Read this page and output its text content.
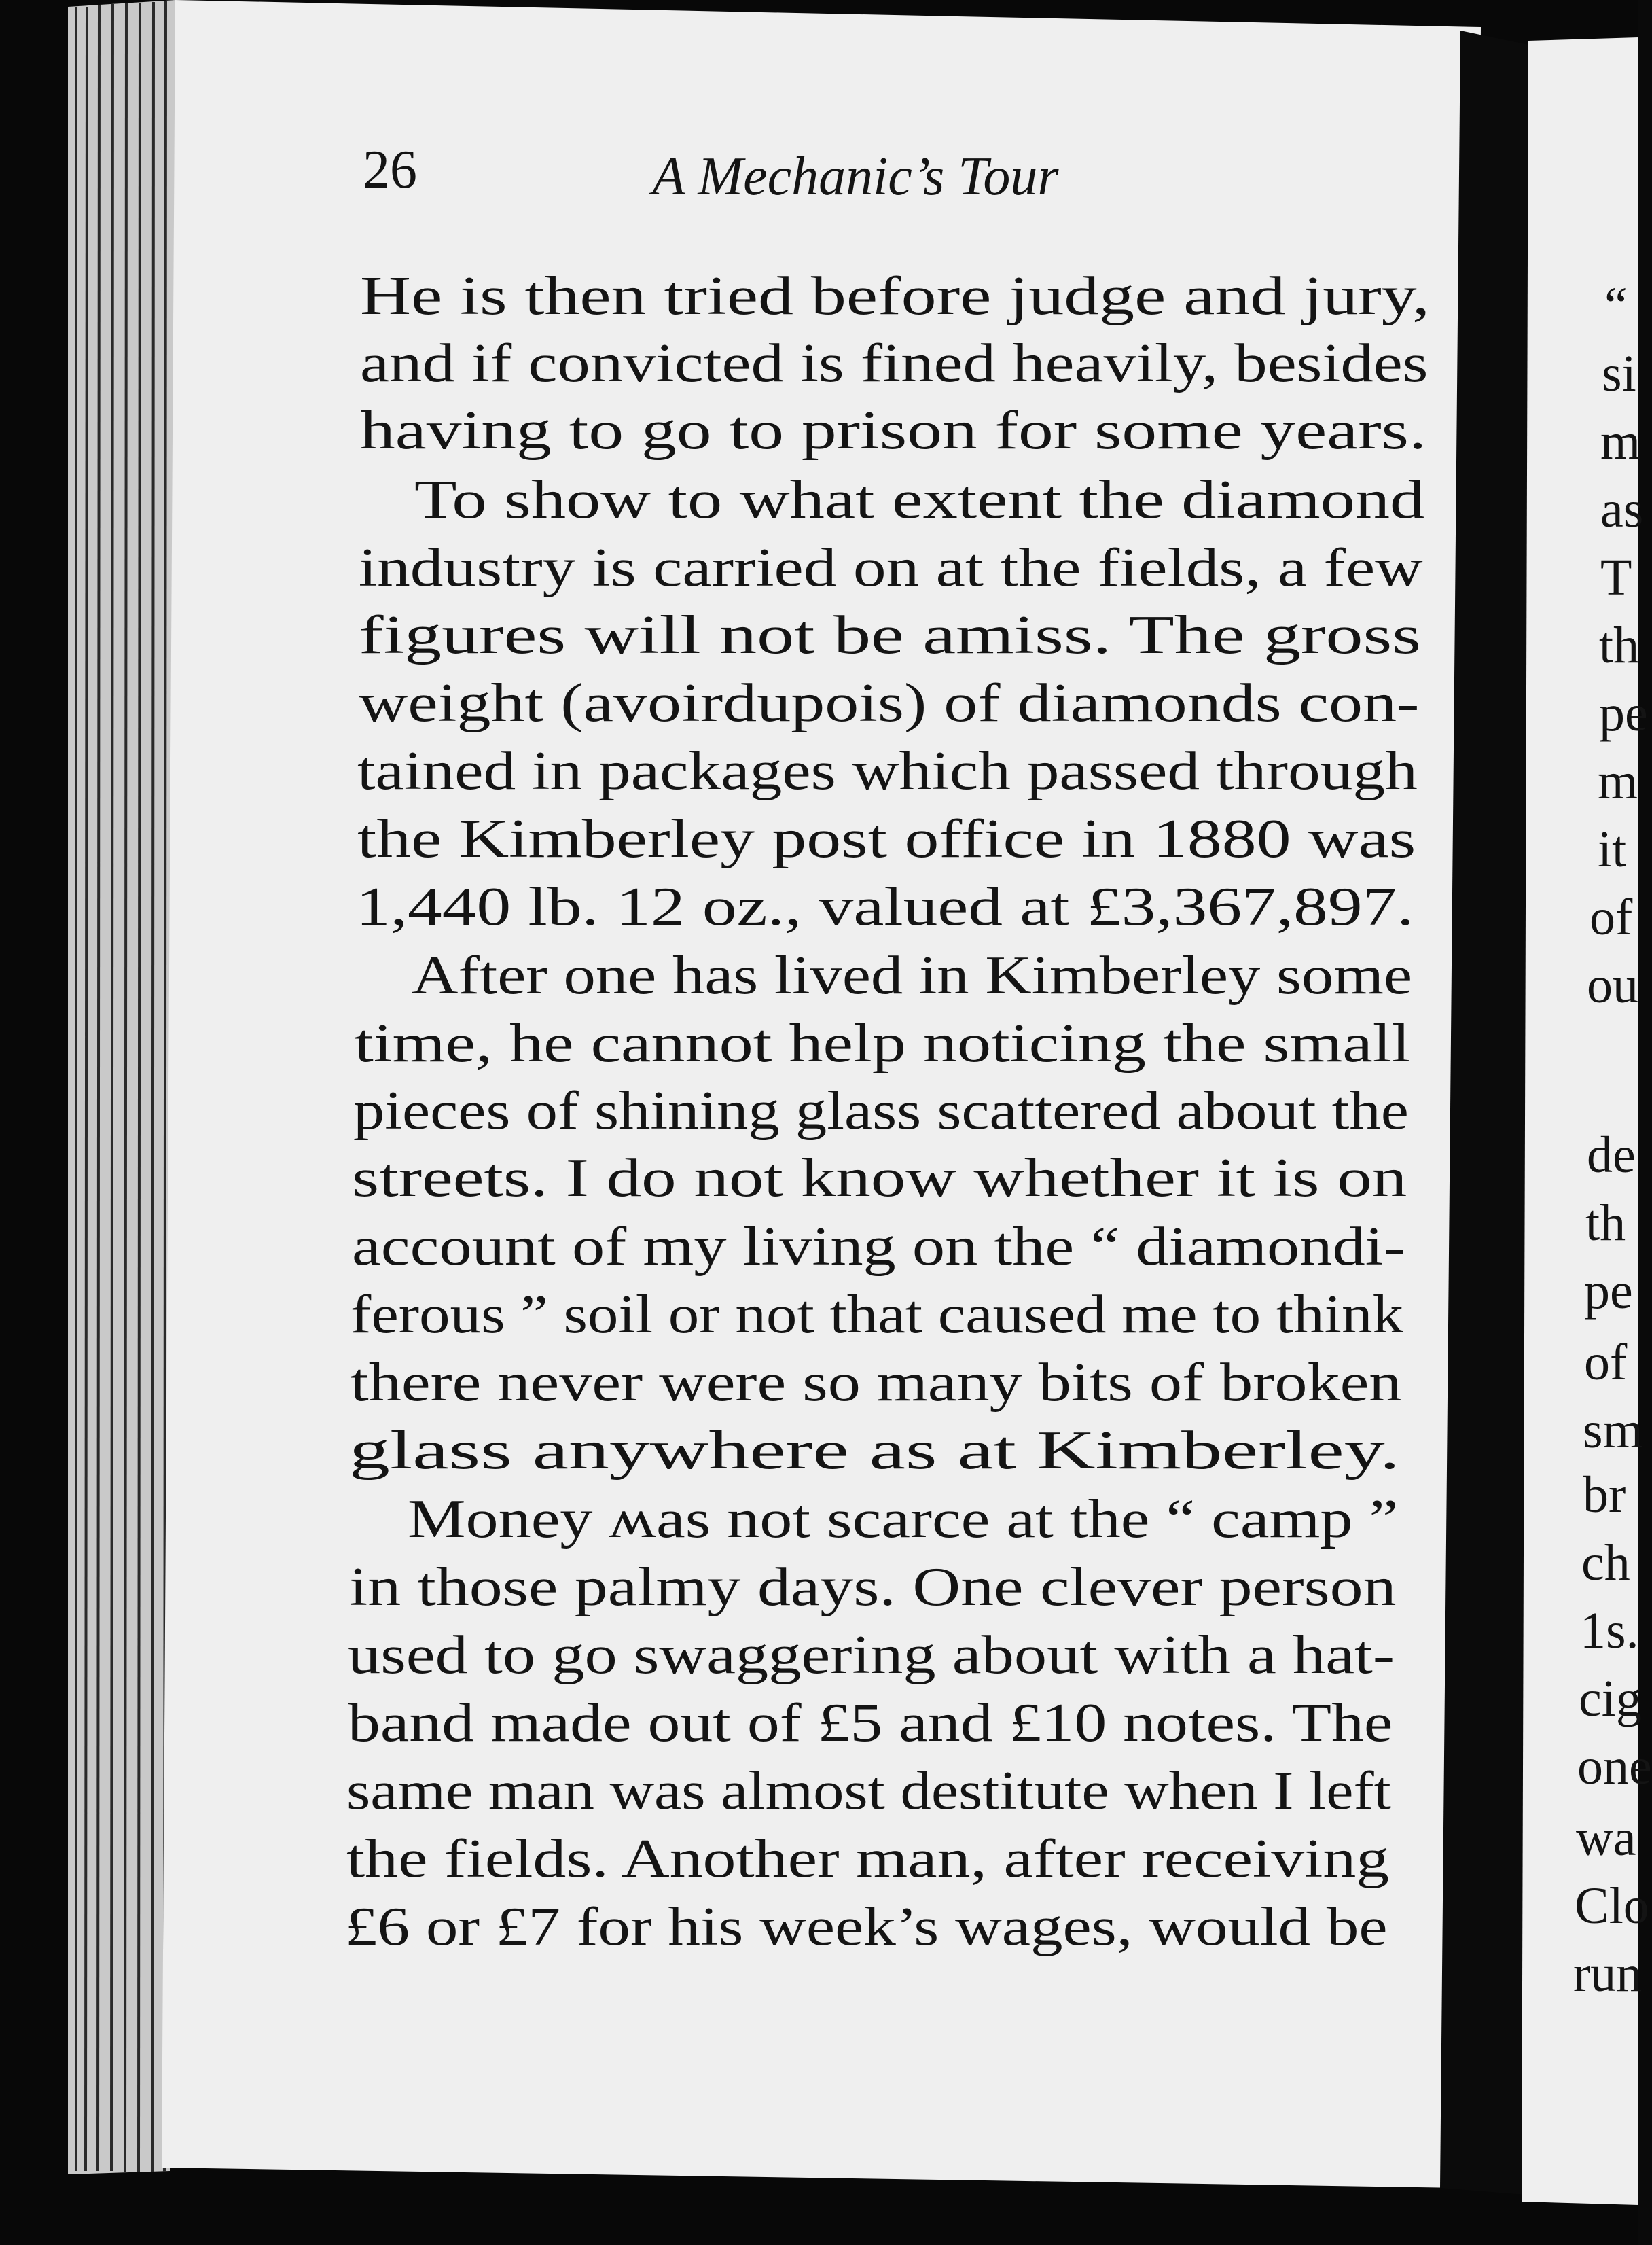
26	A Mechanic’s Tour

He is then tried before judge and jury,

and if convicted is fined heavily, besides

having to go to prison for some years.

To show to what extent the diamond

industry is carried on at the fields, a few

figures will not be amiss. The gross

weight (avoirdupois) of diamonds con-

tained in packages which passed through

the Kimberley post office in 1880 was

1,440 lb. 12 oz., valued at £3,367,897.

After one has lived in Kimberley some

time, he cannot help noticing the small

pieces of shining glass scattered about the

streets. I do not know whether it is on

account of my living on the “ diamondi-

ferous ” soil or not that caused me to think

there never were so many bits of broken

glass anywhere as at Kimberley.

Money ʍas not scarce at the “ camp ”

in those palmy days. One clever person

used to go swaggering about with a hat-

band made out of £5 and £10 notes. The

same man was almost destitute when I left

the fields. Another man, after receiving

£6 or £7 for his week’s wages, would be

“

si

m

as

T

th

pe

m

it

of

ou

de

th

pe

of

sm

br

ch

1s.

cig

one

wa

Clo

run
